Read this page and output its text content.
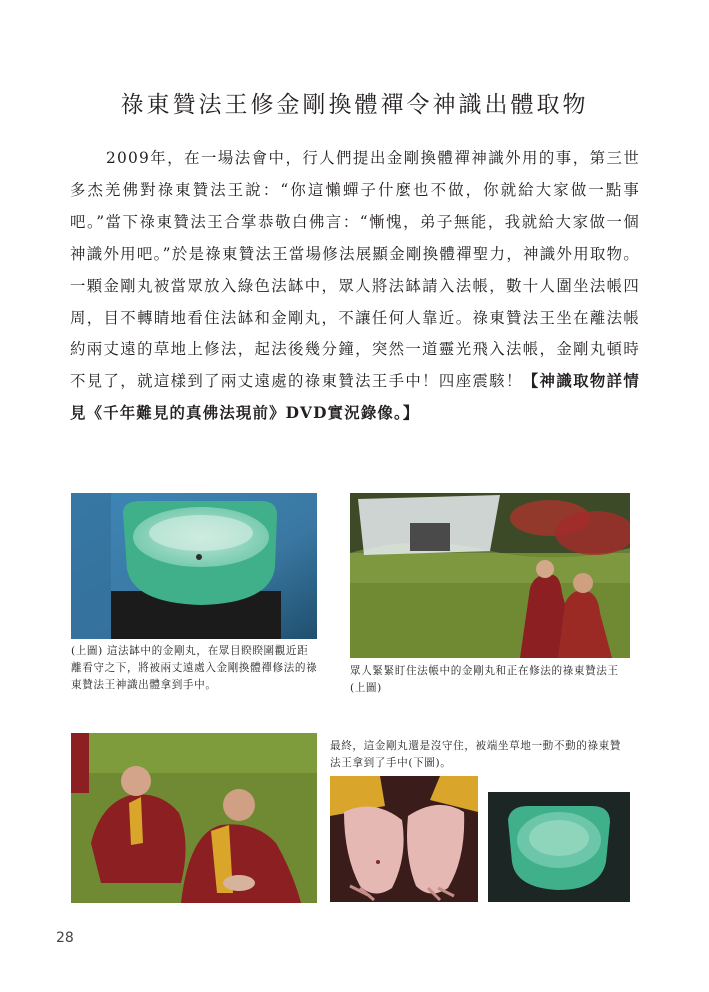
祿東贊法王修金剛換體禪令神識出體取物

2009年，在一場法會中，行人們提出金剛換體禪神識外用的事，第三世多杰羌佛對祿東贊法王說：“你這懶蟬子什麼也不做，你就給大家做一點事吧。”當下祿東贊法王合掌恭敬白佛言：“慚愧，弟子無能，我就給大家做一個神識外用吧。”於是祿東贊法王當場修法展顯金剛換體禪聖力，神識外用取物。一顆金剛丸被當眾放入綠色法缽中，眾人將法缽請入法帳，數十人圍坐法帳四周，目不轉睛地看住法缽和金剛丸，不讓任何人靠近。祿東贊法王坐在離法帳約兩丈遠的草地上修法，起法後幾分鐘，突然一道靈光飛入法帳，金剛丸頓時不見了，就這樣到了兩丈遠處的祿東贊法王手中！四座震駭！【神識取物詳情見《千年難見的真佛法現前》DVD實況錄像。】

(上圖) 這法缽中的金剛丸，在眾目睽睽圍觀近距離看守之下，將被兩丈遠處入金剛換體禪修法的祿東贊法王神識出體拿到手中。

眾人緊緊盯住法帳中的金剛丸和正在修法的祿東贊法王(上圖)

最終，這金剛丸還是沒守住，被端坐草地一動不動的祿東贊法王拿到了手中(下圖)。

28
